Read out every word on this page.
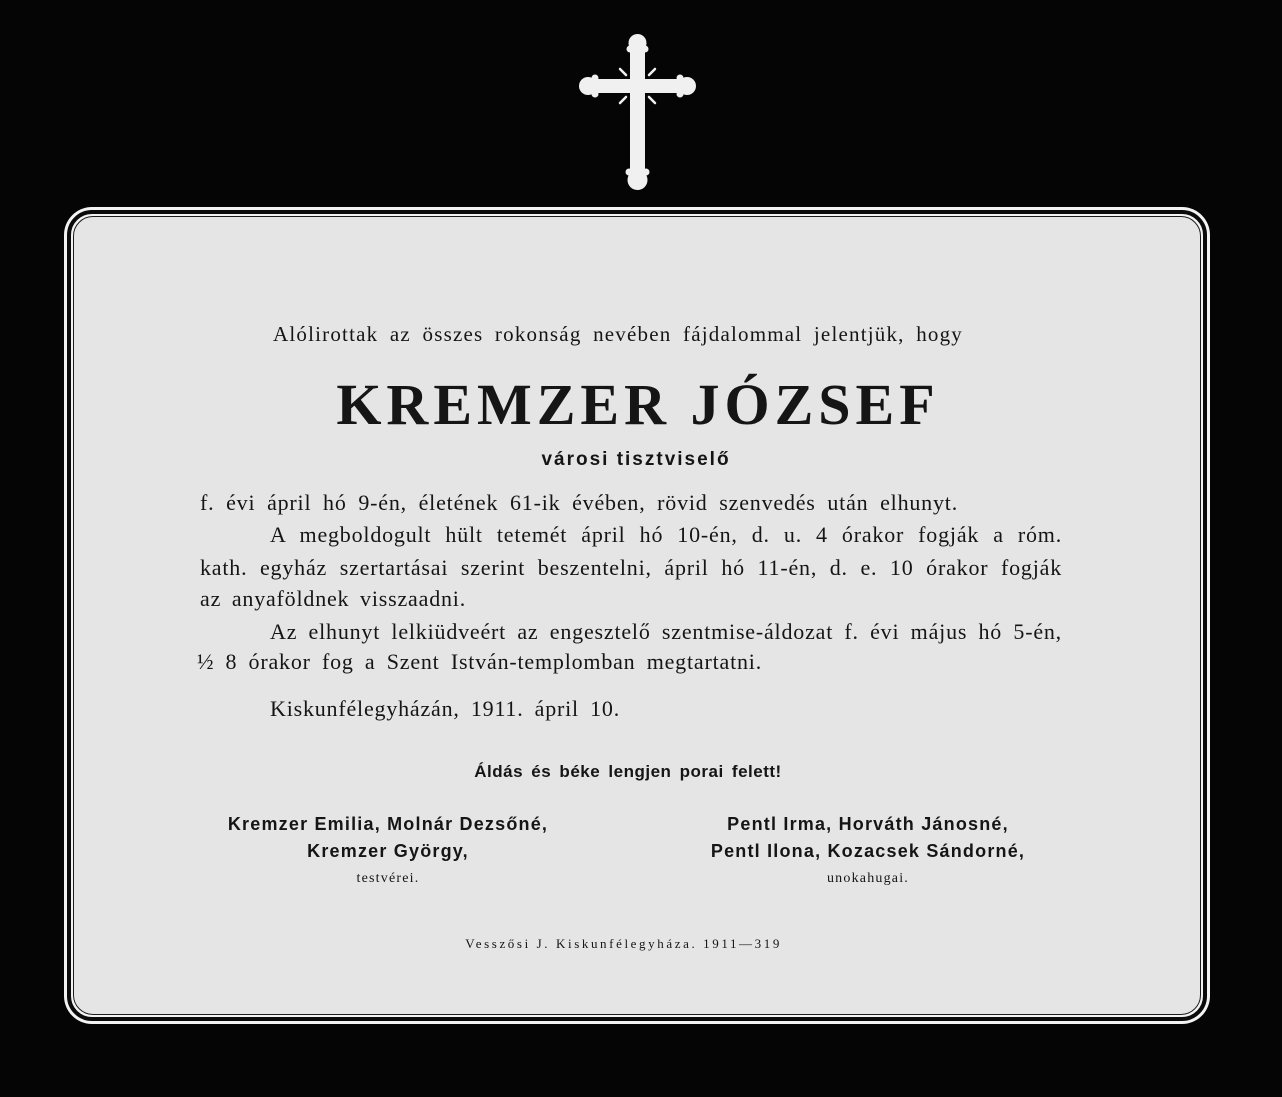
Alólirottak az összes rokonság nevében fájdalommal jelentjük, hogy

KREMZER JÓZSEF

városi tisztviselő

f. évi ápril hó 9-én, életének 61-ik évében, rövid szenvedés után elhunyt.

A megboldogult hült tetemét ápril hó 10-én, d. u. 4 órakor fogják a róm.

kath. egyház szertartásai szerint beszentelni, ápril hó 11-én, d. e. 10 órakor fogják

az anyaföldnek visszaadni.

Az elhunyt lelkiüdveért az engesztelő szentmise-áldozat f. évi május hó 5-én,

½ 8 órakor fog a Szent István-templomban megtartatni.

Kiskunfélegyházán, 1911. ápril 10.

Áldás és béke lengjen porai felett!

Kremzer Emilia, Molnár Dezsőné,
Kremzer György,
testvérei.
Pentl Irma, Horváth Jánosné,
Pentl Ilona, Kozacsek Sándorné,
unokahugai.

Vesszősi J. Kiskunfélegyháza. 1911—319
